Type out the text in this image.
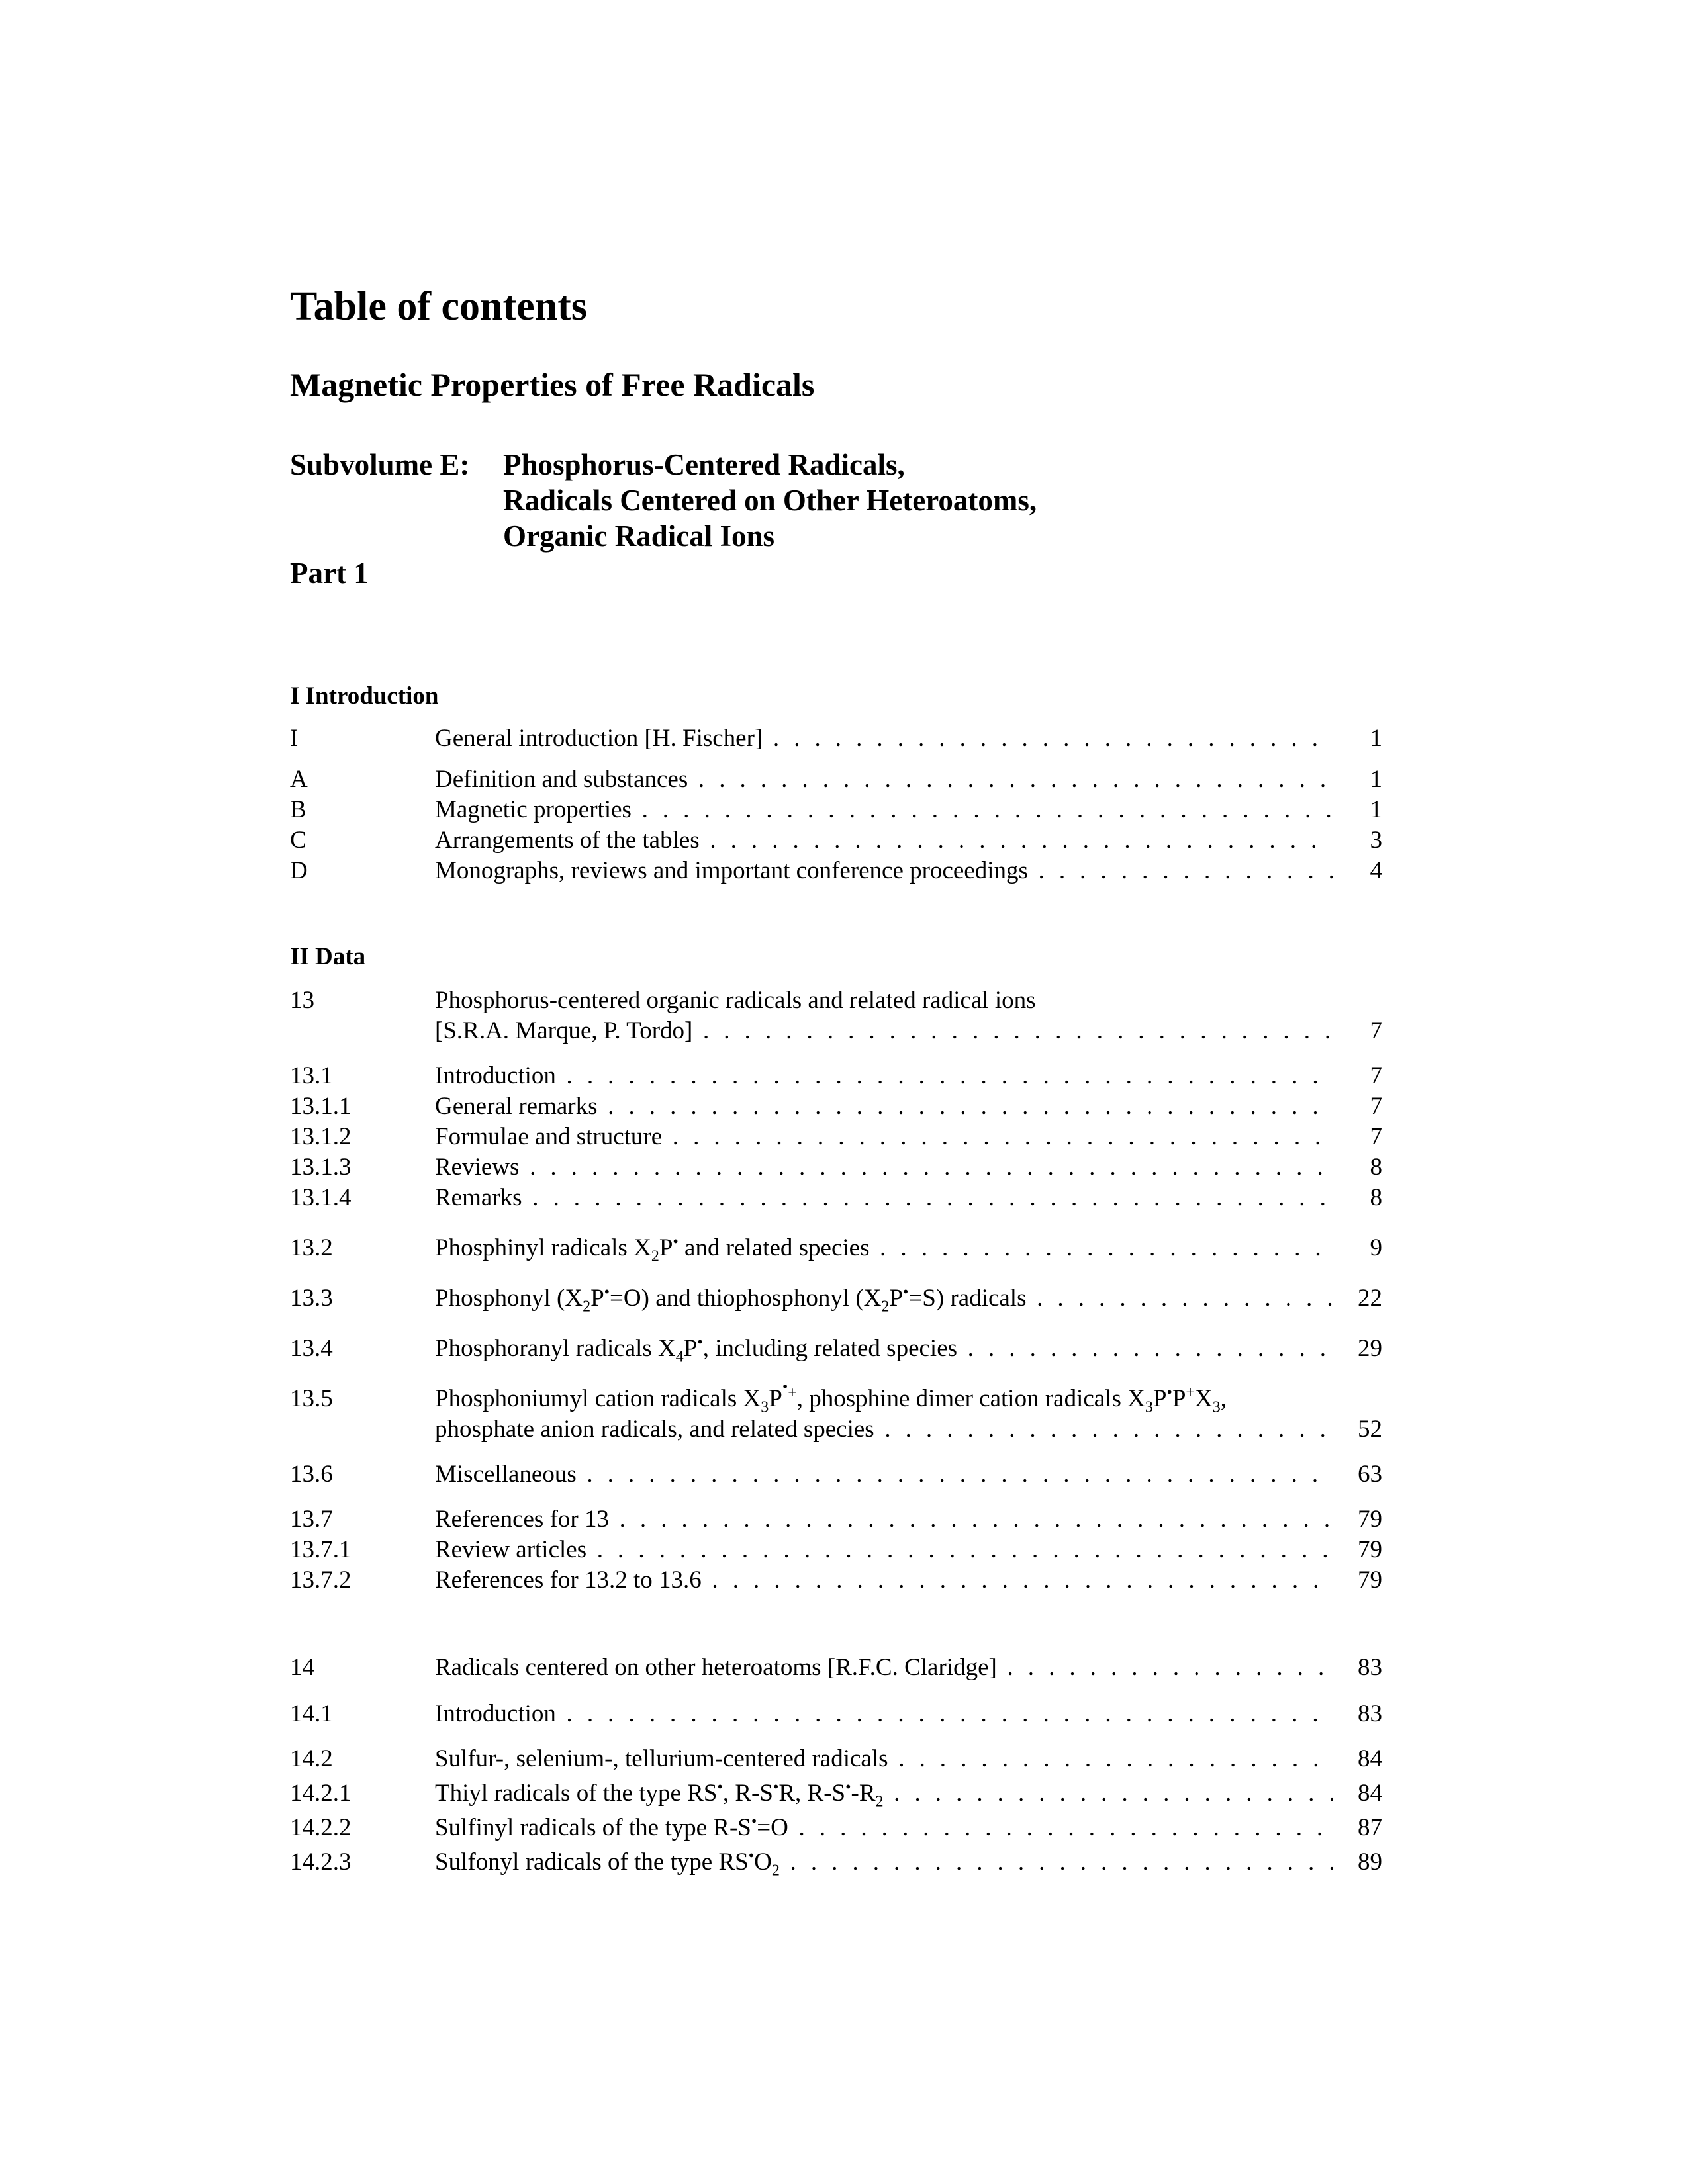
Table of contents
Magnetic Properties of Free Radicals
Subvolume E: Phosphorus-Centered Radicals,
Radicals Centered on Other Heteroatoms,
Organic Radical Ions
Part 1
I Introduction
I	General introduction [H. Fischer] . . .	1
A	Definition and substances . . .	1
B	Magnetic properties . . .	1
C	Arrangements of the tables . . .	3
D	Monographs, reviews and important conference proceedings . . .	4
II Data
13	Phosphorus-centered organic radicals and related radical ions
[S.R.A. Marque, P. Tordo] . . .	7
13.1	Introduction . . .	7
13.1.1	General remarks . . .	7
13.1.2	Formulae and structure . . .	7
13.1.3	Reviews . . .	8
13.1.4	Remarks . . .	8
13.2	Phosphinyl radicals $X_2P^•$ and related species . . .	9
13.3	Phosphonyl $(X_2P^•=O)$ and thiophosphonyl $(X_2P^•=S)$ radicals . . .	22
13.4	Phosphoranyl radicals $X_4P^•$, including related species . . .	29
13.5	Phosphoniumyl cation radicals $X_3P^{^•+}$, phosphine dimer cation radicals $X_3P^•P^+X_3$,
phosphate anion radicals, and related species . . .	52
13.6	Miscellaneous . . .	63
13.7	References for 13 . . .	79
13.7.1	Review articles . . .	79
13.7.2	References for 13.2 to 13.6 . . .	79
14	Radicals centered on other heteroatoms [R.F.C. Claridge] . . .	83
14.1	Introduction . . .	83
14.2	Sulfur-, selenium-, tellurium-centered radicals . . .	84
14.2.1	Thiyl radicals of the type RS•, R-S•R, $R-S^•-R_2$ . . .	84
14.2.2	Sulfinyl radicals of the type R-S•=O . . .	87
14.2.3	Sulfonyl radicals of the type $RS^•O_2$ . . .	89
